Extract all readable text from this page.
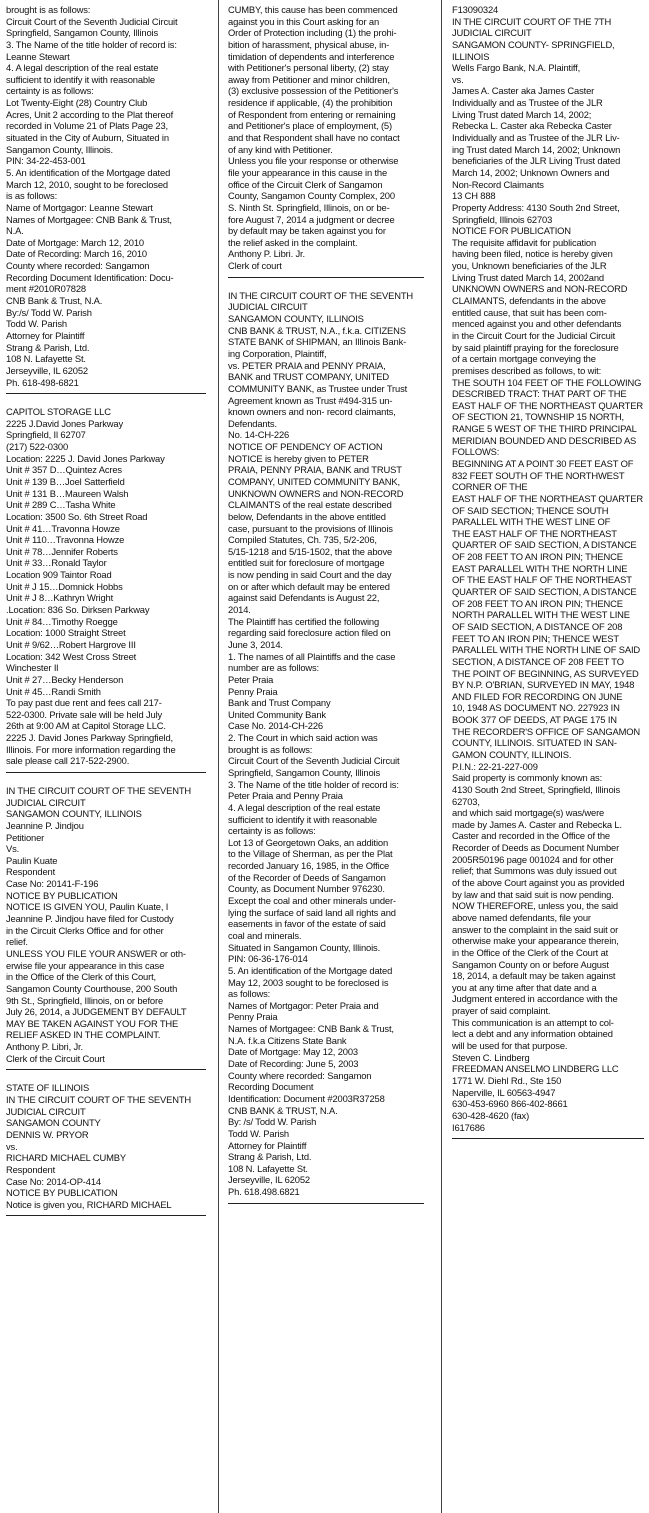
brought is as follows:
Circuit Court of the Seventh Judicial Circuit
Springfield, Sangamon County, Illinois
3. The Name of the title holder of record is:
Leanne Stewart
4. A legal description of the real estate
sufficient to identify it with reasonable
certainty is as follows:
Lot Twenty-Eight (28) Country Club
Acres, Unit 2 according to the Plat thereof
recorded in Volume 21 of Plats Page 23,
situated in the City of Auburn, Situated in
Sangamon County, Illinois.
PIN: 34-22-453-001
5. An identification of the Mortgage dated
March 12, 2010, sought to be foreclosed
is as follows:
Name of Mortgagor: Leanne Stewart
Names of Mortgagee: CNB Bank & Trust,
N.A.
Date of Mortgage: March 12, 2010
Date of Recording: March 16, 2010
County where recorded: Sangamon
Recording Document Identification: Docu-
ment #2010R07828
CNB Bank & Trust, N.A.
By:/s/ Todd W. Parish
Todd W. Parish
Attorney for Plaintiff
Strang & Parish, Ltd.
108 N. Lafayette St.
Jerseyville, IL 62052
Ph. 618-498-6821
CAPITOL STORAGE LLC
2225 J.David Jones Parkway
Springfield, Il 62707
(217) 522-0300
Location: 2225 J. David Jones Parkway
Unit # 357 D…Quintez Acres
Unit # 139 B…Joel Satterfield
Unit # 131 B…Maureen Walsh
Unit # 289 C…Tasha White
Location: 3500 So. 6th Street Road
Unit # 41…Travonna Howze
Unit # 110…Travonna Howze
Unit # 78…Jennifer Roberts
Unit # 33…Ronald Taylor
Location 909 Taintor Road
Unit # J 15…Domnick Hobbs
Unit # J 8…Kathryn Wright
.Location: 836 So. Dirksen Parkway
Unit # 84…Timothy Roegge
Location: 1000 Straight Street
Unit # 9/62…Robert Hargrove III
Location: 342 West Cross Street
Winchester Il
Unit # 27…Becky Henderson
Unit # 45…Randi Smith
To pay past due rent and fees call 217-
522-0300. Private sale will be held July
26th at 9:00 AM at Capitol Storage LLC.
2225 J. David Jones Parkway Springfield,
Illinois. For more information regarding the
sale please call 217-522-2900.
IN THE CIRCUIT COURT OF THE SEVENTH
JUDICIAL CIRCUIT
SANGAMON COUNTY, ILLINOIS
Jeannine P. Jindjou
Petitioner
Vs.
Paulin Kuate
Respondent
Case No: 20141-F-196
NOTICE BY PUBLICATION
NOTICE IS GIVEN YOU, Paulin Kuate, I
Jeannine P. Jindjou have filed for Custody
in the Circuit Clerks Office and for other
relief.
UNLESS YOU FILE YOUR ANSWER or oth-
erwise file your appearance in this case
in the Office of the Clerk of this Court,
Sangamon County Courthouse, 200 South
9th St., Springfield, Illinois, on or before
July 26, 2014, a JUDGEMENT BY DEFAULT
MAY BE TAKEN AGAINST YOU FOR THE
RELIEF ASKED IN THE COMPLAINT.
Anthony P. Libri, Jr.
Clerk of the Circuit Court
STATE OF ILLINOIS
IN THE CIRCUIT COURT OF THE SEVENTH
JUDICIAL CIRCUIT
SANGAMON COUNTY
DENNIS W. PRYOR
vs.
RICHARD MICHAEL CUMBY
Respondent
Case No: 2014-OP-414
NOTICE BY PUBLICATION
Notice is given you, RICHARD MICHAEL
CUMBY, this cause has been commenced
against you in this Court asking for an
Order of Protection including (1) the prohi-
bition of harassment, physical abuse, in-
timidation of dependents and interference
with Petitioner's personal liberty, (2) stay
away from Petitioner and minor children,
(3) exclusive possession of the Petitioner's
residence if applicable, (4) the prohibition
of Respondent from entering or remaining
and Petitioner's place of employment, (5)
and that Respondent shall have no contact
of any kind with Petitioner.
Unless you file your response or otherwise
file your appearance in this cause in the
office of the Circuit Clerk of Sangamon
County, Sangamon County Complex, 200
S. Ninth St. Springfield, Illinois, on or be-
fore August 7, 2014 a judgment or decree
by default may be taken against you for
the relief asked in the complaint.
Anthony P. Libri. Jr.
Clerk of court
IN THE CIRCUIT COURT OF THE SEVENTH
JUDICIAL CIRCUIT
SANGAMON COUNTY, ILLINOIS
CNB BANK & TRUST, N.A., f.k.a. CITIZENS
STATE BANK of SHIPMAN, an Illinois Bank-
ing Corporation, Plaintiff,
vs. PETER PRAIA and PENNY PRAIA,
BANK and TRUST COMPANY, UNITED
COMMUNITY BANK, as Trustee under Trust
Agreement known as Trust #494-315 un-
known owners and non- record claimants,
Defendants.
No. 14-CH-226
NOTICE OF PENDENCY OF ACTION
NOTICE is hereby given to PETER
PRAIA, PENNY PRAIA, BANK and TRUST
COMPANY, UNITED COMMUNITY BANK,
UNKNOWN OWNERS and NON-RECORD
CLAIMANTS of the real estate described
below, Defendants in the above entitled
case, pursuant to the provisions of Illinois
Compiled Statutes, Ch. 735, 5/2-206,
5/15-1218 and 5/15-1502, that the above
entitled suit for foreclosure of mortgage
is now pending in said Court and the day
on or after which default may be entered
against said Defendants is August 22,
2014.
The Plaintiff has certified the following
regarding said foreclosure action filed on
June 3, 2014.
1. The names of all Plaintiffs and the case
number are as follows:
Peter Praia
Penny Praia
Bank and Trust Company
United Community Bank
Case No. 2014-CH-226
2. The Court in which said action was
brought is as follows:
Circuit Court of the Seventh Judicial Circuit
Springfield, Sangamon County, Illinois
3. The Name of the title holder of record is:
Peter Praia and Penny Praia
4. A legal description of the real estate
sufficient to identify it with reasonable
certainty is as follows:
Lot 13 of Georgetown Oaks, an addition
to the Village of Sherman, as per the Plat
recorded January 16, 1985, in the Office
of the Recorder of Deeds of Sangamon
County, as Document Number 976230.
Except the coal and other minerals under-
lying the surface of said land all rights and
easements in favor of the estate of said
coal and minerals.
Situated in Sangamon County, Illinois.
PIN: 06-36-176-014
5. An identification of the Mortgage dated
May 12, 2003 sought to be foreclosed is
as follows:
Names of Mortgagor: Peter Praia and
Penny Praia
Names of Mortgagee: CNB Bank & Trust,
N.A. f.k.a Citizens State Bank
Date of Mortgage: May 12, 2003
Date of Recording: June 5, 2003
County where recorded: Sangamon
Recording Document
Identification: Document #2003R37258
CNB BANK & TRUST, N.A.
By: /s/ Todd W. Parish
Todd W. Parish
Attorney for Plaintiff
Strang & Parish, Ltd.
108 N. Lafayette St.
Jerseyville, IL 62052
Ph. 618.498.6821
F13090324
IN THE CIRCUIT COURT OF THE 7TH
JUDICIAL CIRCUIT
SANGAMON COUNTY- SPRINGFIELD,
ILLINOIS
Wells Fargo Bank, N.A. Plaintiff,
vs.
James A. Caster aka James Caster
Individually and as Trustee of the JLR
Living Trust dated March 14, 2002;
Rebecka L. Caster aka Rebecka Caster
Individually and as Trustee of the JLR Liv-
ing Trust dated March 14, 2002; Unknown
beneficiaries of the JLR Living Trust dated
March 14, 2002; Unknown Owners and
Non-Record Claimants
13 CH 888
Property Address: 4130 South 2nd Street,
Springfield, Illinois 62703
NOTICE FOR PUBLICATION
The requisite affidavit for publication
having been filed, notice is hereby given
you, Unknown beneficiaries of the JLR
Living Trust dated March 14, 2002and
UNKNOWN OWNERS and NON-RECORD
CLAIMANTS, defendants in the above
entitled cause, that suit has been com-
menced against you and other defendants
in the Circuit Court for the Judicial Circuit
by said plaintiff praying for the foreclosure
of a certain mortgage conveying the
premises described as follows, to wit:
THE SOUTH 104 FEET OF THE FOLLOWING
DESCRIBED TRACT: THAT PART OF THE
EAST HALF OF THE NORTHEAST QUARTER
OF SECTION 21, TOWNSHIP 15 NORTH,
RANGE 5 WEST OF THE THIRD PRINCIPAL
MERIDIAN BOUNDED AND DESCRIBED AS
FOLLOWS:
BEGINNING AT A POINT 30 FEET EAST OF
832 FEET SOUTH OF THE NORTHWEST
CORNER OF THE
EAST HALF OF THE NORTHEAST QUARTER
OF SAID SECTION; THENCE SOUTH
PARALLEL WITH THE WEST LINE OF
THE EAST HALF OF THE NORTHEAST
QUARTER OF SAID SECTION, A DISTANCE
OF 208 FEET TO AN IRON PIN; THENCE
EAST PARALLEL WITH THE NORTH LINE
OF THE EAST HALF OF THE NORTHEAST
QUARTER OF SAID SECTION, A DISTANCE
OF 208 FEET TO AN IRON PIN; THENCE
NORTH PARALLEL WITH THE WEST LINE
OF SAID SECTION, A DISTANCE OF 208
FEET TO AN IRON PIN; THENCE WEST
PARALLEL WITH THE NORTH LINE OF SAID
SECTION, A DISTANCE OF 208 FEET TO
THE POINT OF BEGINNING, AS SURVEYED
BY N.P. O'BRIAN, SURVEYED IN MAY, 1948
AND FILED FOR RECORDING ON JUNE
10, 1948 AS DOCUMENT NO. 227923 IN
BOOK 377 OF DEEDS, AT PAGE 175 IN
THE RECORDER'S OFFICE OF SANGAMON
COUNTY, ILLINOIS. SITUATED IN SAN-
GAMON COUNTY, ILLINOIS.
P.I.N.: 22-21-227-009
Said property is commonly known as:
4130 South 2nd Street, Springfield, Illinois
62703,
and which said mortgage(s) was/were
made by James A. Caster and Rebecka L.
Caster and recorded in the Office of the
Recorder of Deeds as Document Number
2005R50196 page 001024 and for other
relief; that Summons was duly issued out
of the above Court against you as provided
by law and that said suit is now pending.
NOW THEREFORE, unless you, the said
above named defendants, file your
answer to the complaint in the said suit or
otherwise make your appearance therein,
in the Office of the Clerk of the Court at
Sangamon County on or before August
18, 2014, a default may be taken against
you at any time after that date and a
Judgment entered in accordance with the
prayer of said complaint.
This communication is an attempt to col-
lect a debt and any information obtained
will be used for that purpose.
Steven C. Lindberg
FREEDMAN ANSELMO LINDBERG LLC
1771 W. Diehl Rd., Ste 150
Naperville, IL 60563-4947
630-453-6960 866-402-8661
630-428-4620 (fax)
I617686
